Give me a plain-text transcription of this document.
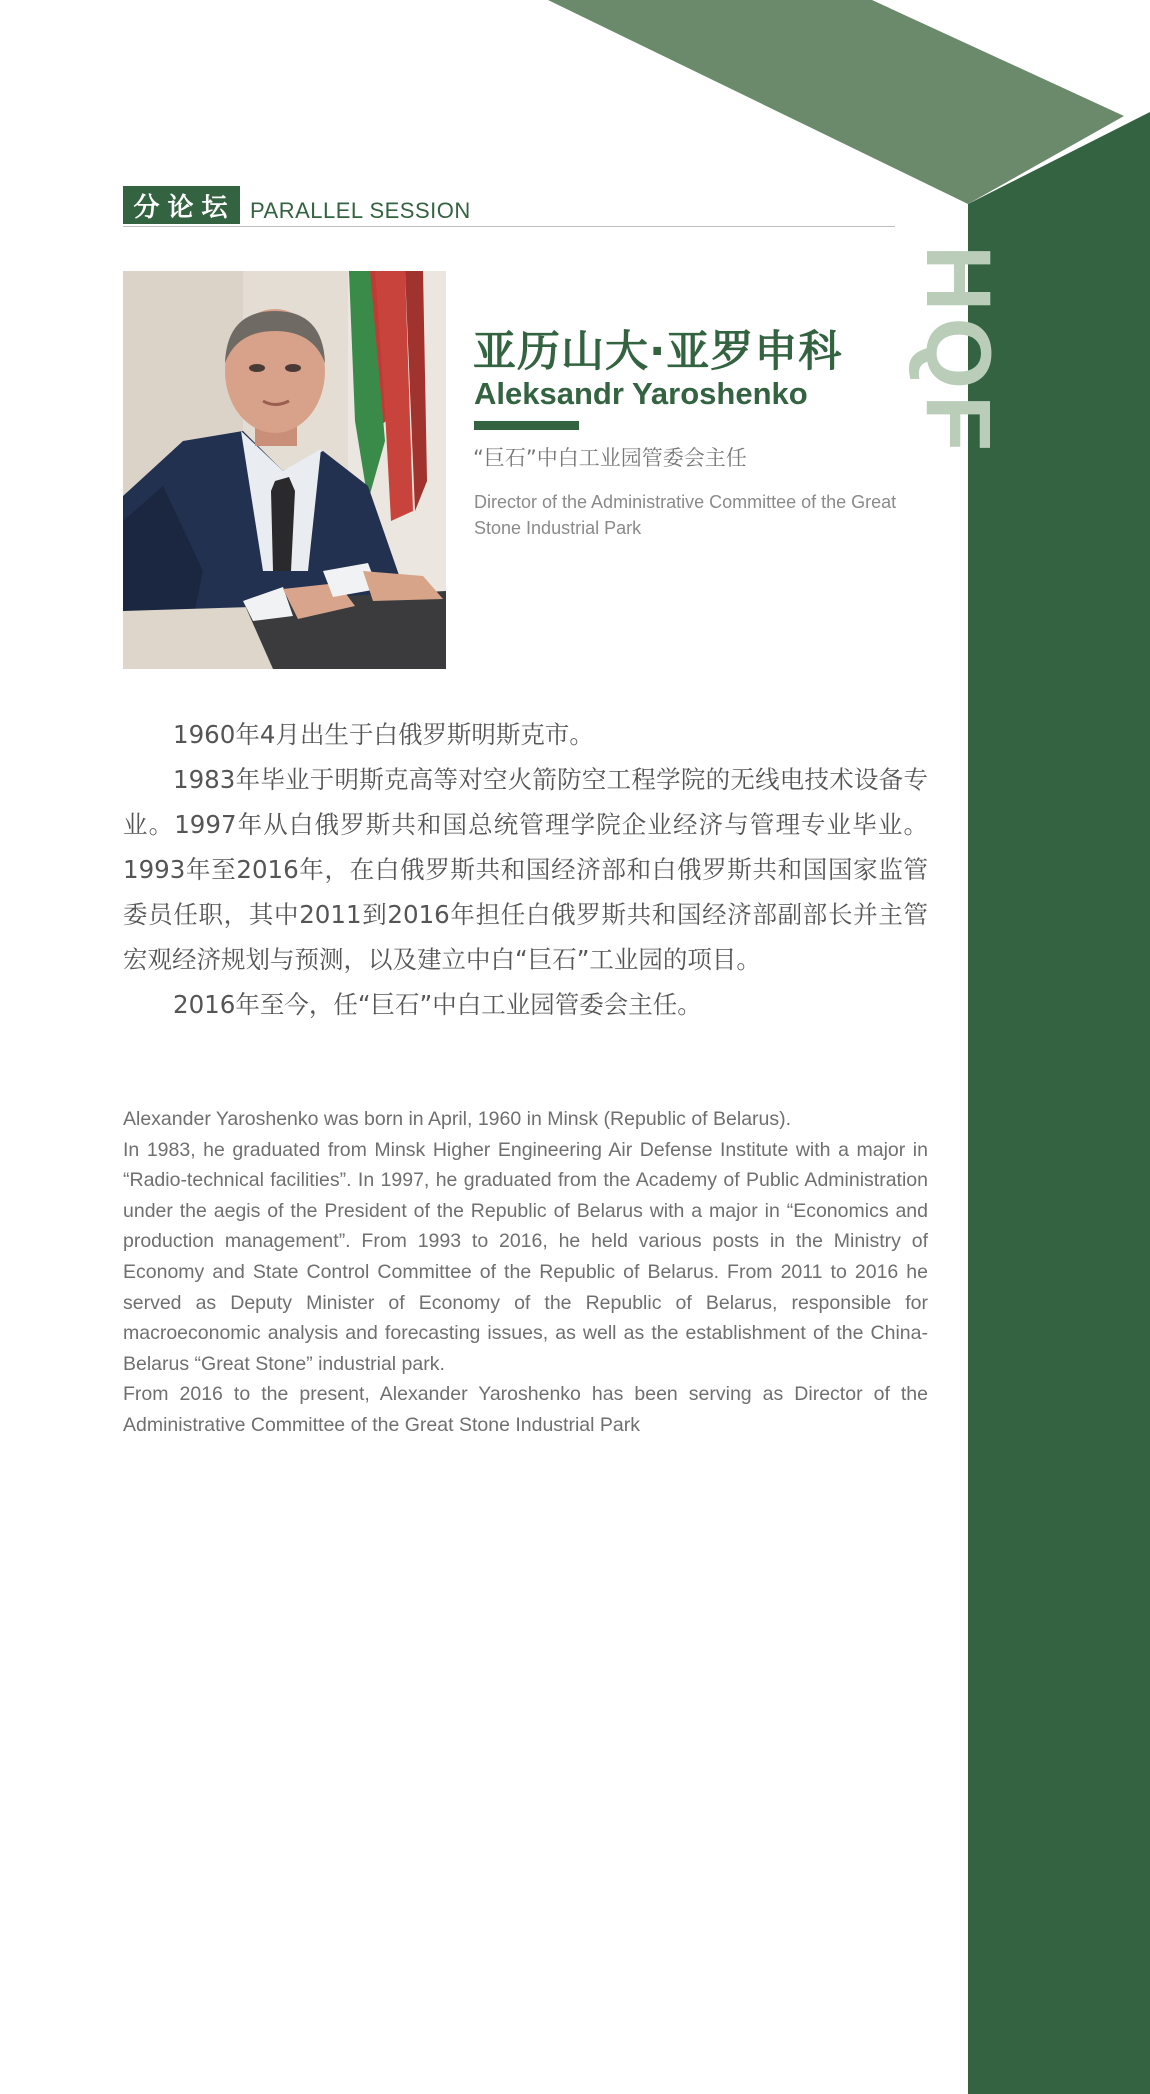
HQF
分论坛 PARALLEL SESSION
亚历山大·亚罗申科
Aleksandr Yaroshenko
“巨石”中白工业园管委会主任
Director of the Administrative Committee of the Great Stone Industrial Park

1960年4月出生于白俄罗斯明斯克市。

1983年毕业于明斯克高等对空火箭防空工程学院的无线电技术设备专业。1997年从白俄罗斯共和国总统管理学院企业经济与管理专业毕业。1993年至2016年，在白俄罗斯共和国经济部和白俄罗斯共和国国家监管委员任职，其中2011到2016年担任白俄罗斯共和国经济部副部长并主管宏观经济规划与预测，以及建立中白“巨石”工业园的项目。

2016年至今，任“巨石”中白工业园管委会主任。

Alexander Yaroshenko was born in April, 1960 in Minsk (Republic of Belarus).

In 1983, he graduated from Minsk Higher Engineering Air Defense Institute with a major in “Radio-technical facilities”. In 1997, he graduated from the Academy of Public Administration under the aegis of the President of the Republic of Belarus with a major in “Economics and production management”. From 1993 to 2016, he held various posts in the Ministry of Economy and State Control Committee of the Republic of Belarus. From 2011 to 2016 he served as Deputy Minister of Economy of the Republic of Belarus, responsible for macroeconomic analysis and forecasting issues, as well as the establishment of the China-Belarus “Great Stone” industrial park.

From 2016 to the present, Alexander Yaroshenko has been serving as Director of the Administrative Committee of the Great Stone Industrial Park
